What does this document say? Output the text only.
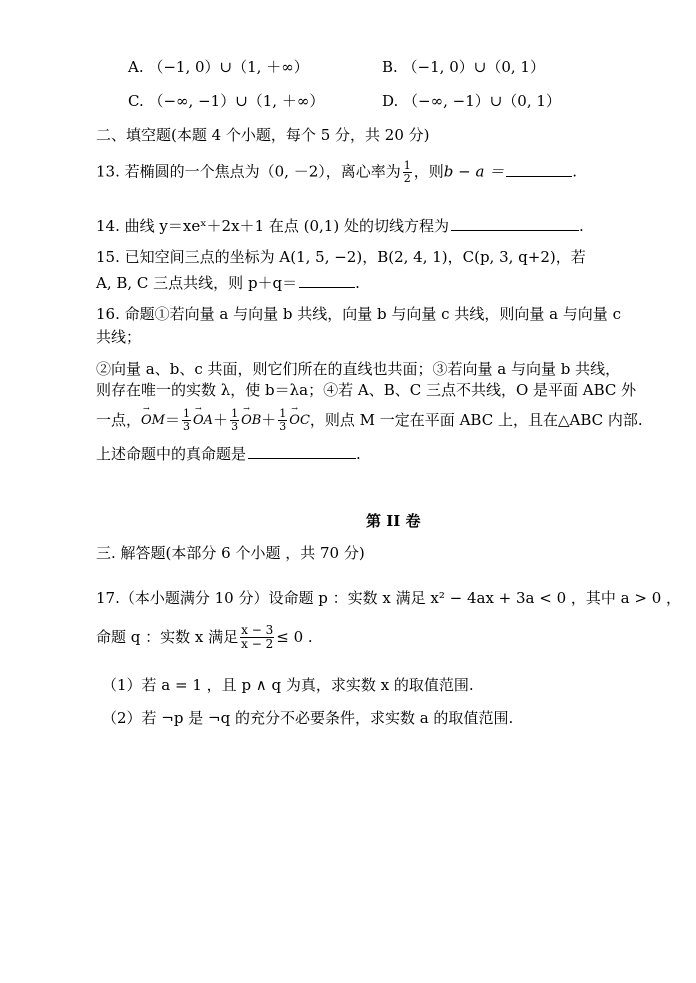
A. （−1, 0）∪（1, ＋∞）	B. （−1, 0）∪（0, 1）
C. （−∞, −1）∪（1, ＋∞）	D. （−∞, −1）∪（0, 1）
二、填空题(本题 4 个小题，每个 5 分，共 20 分)
13. 若椭圆的一个焦点为（0, －2），离心率为 $\frac{1}{2}$ ，则b − a ＝	.
14. 曲线 y＝xeˣ＋2x＋1 在点 (0,1) 处的切线方程为	.
15. 已知空间三点的坐标为 A(1, 5, −2)，B(2, 4, 1)，C(p, 3, q+2)，若
A, B, C 三点共线，则 p＋q＝	.
16. 命题①若向量 a 与向量 b 共线，向量 b 与向量 c 共线，则向量 a 与向量 c
共线；
②向量 a、b、c 共面，则它们所在的直线也共面；③若向量 a 与向量 b 共线，
则存在唯一的实数 λ，使 b＝λa；④若 A、B、C 三点不共线，O 是平面 ABC 外
一点， → OM ＝ $\frac{1}{3}$ → OA ＋ $\frac{1}{3}$ → OB ＋ $\frac{1}{3}$ → OC ，则点 M 一定在平面 ABC 上，且在△ABC 内部.
上述命题中的真命题是	.
第 II 卷
三. 解答题(本部分 6 个小题 ，共 70 分)
17.（本小题满分 10 分）设命题 p ：实数 x 满足 x² − 4ax + 3a < 0 ，其中 a > 0 ，
命题 q ：实数 x 满足 $\frac{x - 3}{x - 2} \le 0$ .
（1）若 a = 1 ，且 p ∧ q 为真，求实数 x 的取值范围.
（2）若 ¬p 是 ¬q 的充分不必要条件，求实数 a 的取值范围.
